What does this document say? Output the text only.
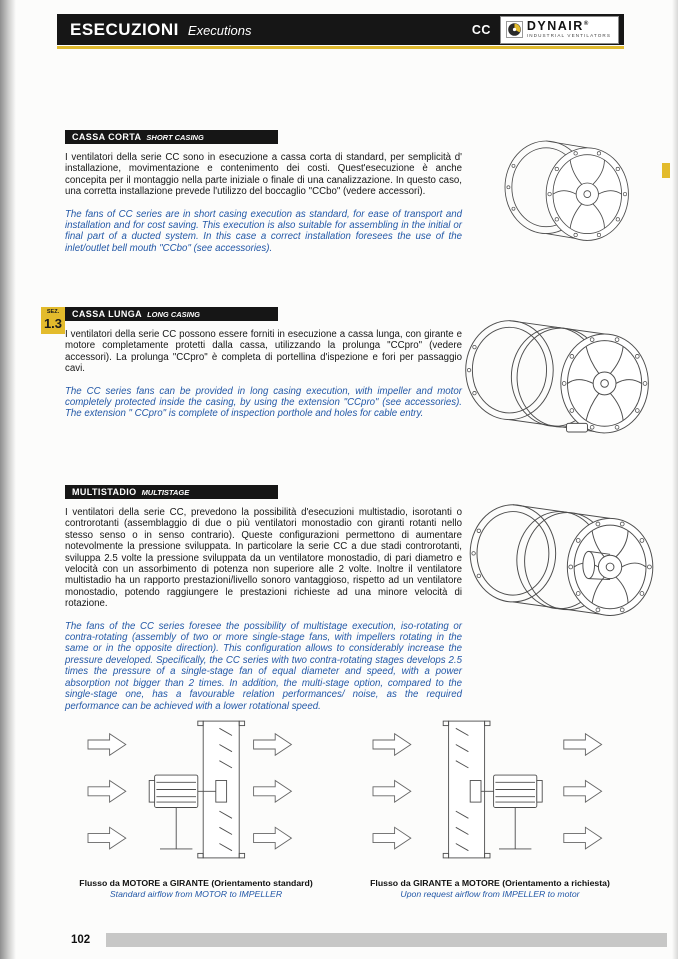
ESECUZIONI Executions	CC	DYNAIR®
INDUSTRIAL VENTILATORS
SEZ.
1.3
CASSA CORTA SHORT CASING

I ventilatori della serie CC sono in esecuzione a cassa corta di standard, per semplicità d' installazione, movimentazione e contenimento dei costi. Quest'esecuzione è anche concepita per il montaggio nella parte iniziale o finale di una canalizzazione. In questo caso, una corretta installazione prevede l'utilizzo del boccaglio "CCbo" (vedere accessori).

The fans of CC series are in short casing execution as standard, for ease of transport and installation and for cost saving. This execution is also suitable for assembling in the initial or final part of a ducted system. In this case a correct installation foresees the use of the inlet/outlet bell mouth "CCbo" (see accessories).

CASSA LUNGA LONG CASING

I ventilatori della serie CC possono essere forniti in esecuzione a cassa lunga, con girante e motore completamente protetti dalla cassa, utilizzando la prolunga "CCpro" (vedere accessori). La prolunga "CCpro" è completa di portellina d'ispezione e fori per passaggio cavi.

The CC series fans can be provided in long casing execution, with impeller and motor completely protected inside the casing, by using the extension "CCpro" (see accessories). The extension " CCpro" is complete of inspection porthole and holes for cable entry.

MULTISTADIO MULTISTAGE

I ventilatori della serie CC, prevedono la possibilità d'esecuzioni multistadio, isorotanti o controrotanti (assemblaggio di due o più ventilatori monostadio con giranti rotanti nello stesso senso o in senso contrario). Queste configurazioni permettono di aumentare notevolmente la pressione sviluppata. In particolare la serie CC a due stadi controrotanti, sviluppa 2.5 volte la pressione sviluppata da un ventilatore monostadio, di pari diametro e velocità con un assorbimento di potenza non superiore alle 2 volte. Inoltre il ventilatore multistadio ha un rapporto prestazioni/livello sonoro vantaggioso, rispetto ad un ventilatore monostadio, potendo raggiungere le prestazioni richieste ad una minore velocità di rotazione.

The fans of the CC series foresee the possibility of multistage execution, iso-rotating or contra-rotating (assembly of two or more single-stage fans, with impellers rotating in the same or in the opposite direction). This configuration allows to considerably increase the pressure developed. Specifically, the CC series with two contra-rotating stages develops 2.5 times the pressure of a single-stage fan of equal diameter and speed, with a power absorption not bigger than 2 times. In addition, the multi-stage option, compared to the single-stage one, has a favourable relation performances/ noise, as the required performance can be achieved with a lower rotational speed.

Flusso da MOTORE a GIRANTE (Orientamento standard)
Standard airflow from MOTOR to IMPELLER
Flusso da GIRANTE a MOTORE (Orientamento a richiesta)
Upon request airflow from IMPELLER to motor
102
